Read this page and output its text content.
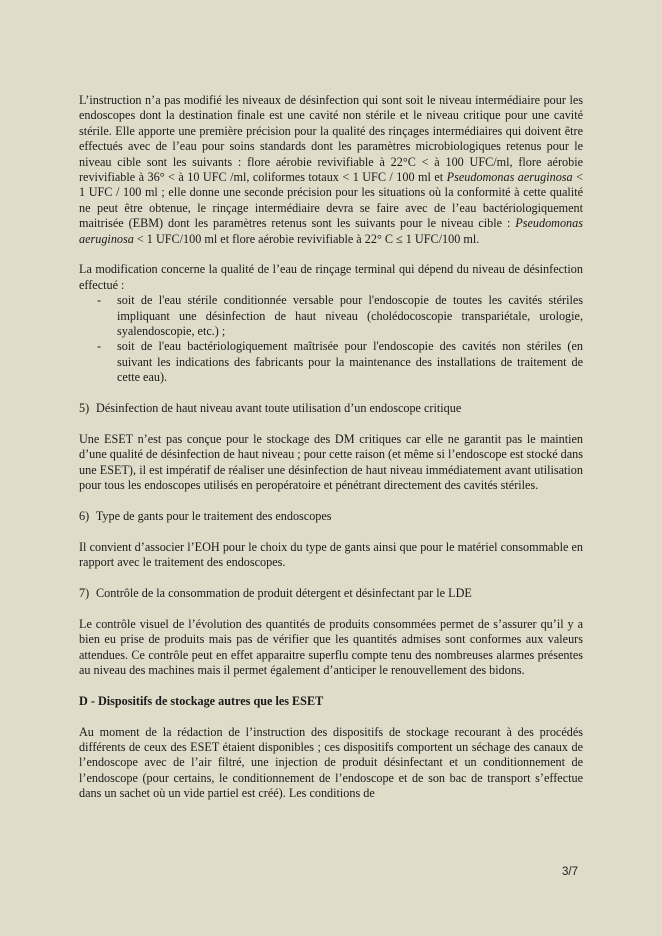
L’instruction n’a pas modifié les niveaux de désinfection qui sont soit le niveau intermédiaire pour les endoscopes dont la destination finale est une cavité non stérile et le niveau critique pour une cavité stérile. Elle apporte une première précision pour la qualité des rinçages intermédiaires qui doivent être effectués avec de l’eau pour soins standards dont les paramètres microbiologiques retenus pour le niveau cible sont les suivants : flore aérobie revivifiable à 22°C < à 100 UFC/ml, flore aérobie revivifiable à 36° < à 10 UFC /ml, coliformes totaux < 1 UFC / 100 ml et Pseudomonas aeruginosa < 1 UFC / 100 ml ; elle donne une seconde précision pour les situations où la conformité à cette qualité ne peut être obtenue, le rinçage intermédiaire devra se faire avec de l’eau bactériologiquement maitrisée (EBM) dont les paramètres retenus sont les suivants pour le niveau cible : Pseudomonas aeruginosa < 1 UFC/100 ml et flore aérobie revivifiable à 22° C ≤ 1 UFC/100 ml.

La modification concerne la qualité de l’eau de rinçage terminal qui dépend du niveau de désinfection effectué :

- soit de l'eau stérile conditionnée versable pour l'endoscopie de toutes les cavités stériles impliquant une désinfection de haut niveau (cholédocoscopie transpariétale, urologie, syalendoscopie, etc.) ;
- soit de l'eau bactériologiquement maîtrisée pour l'endoscopie des cavités non stériles (en suivant les indications des fabricants pour la maintenance des installations de traitement de cette eau).

5) Désinfection de haut niveau avant toute utilisation d’un endoscope critique

Une ESET n’est pas conçue pour le stockage des DM critiques car elle ne garantit pas le maintien d’une qualité de désinfection de haut niveau ; pour cette raison (et même si l’endoscope est stocké dans une ESET), il est impératif de réaliser une désinfection de haut niveau immédiatement avant utilisation pour tous les endoscopes utilisés en peropératoire et pénétrant directement des cavités stériles.

6) Type de gants pour le traitement des endoscopes

Il convient d’associer l’EOH pour le choix du type de gants ainsi que pour le matériel consommable en rapport avec le traitement des endoscopes.

7) Contrôle de la consommation de produit détergent et désinfectant par le LDE

Le contrôle visuel de l’évolution des quantités de produits consommées permet de s’assurer qu’il y a bien eu prise de produits mais pas de vérifier que les quantités admises sont conformes aux valeurs attendues. Ce contrôle peut en effet apparaitre superflu compte tenu des nombreuses alarmes présentes au niveau des machines mais il permet également d’anticiper le renouvellement des bidons.

D - Dispositifs de stockage autres que les ESET

Au moment de la rédaction de l’instruction des dispositifs de stockage recourant à des procédés différents de ceux des ESET étaient disponibles ; ces dispositifs comportent un séchage des canaux de l’endoscope avec de l’air filtré, une injection de produit désinfectant et un conditionnement de l’endoscope (pour certains, le conditionnement de l’endoscope et de son bac de transport s’effectue dans un sachet où un vide partiel est créé). Les conditions de

3/7
